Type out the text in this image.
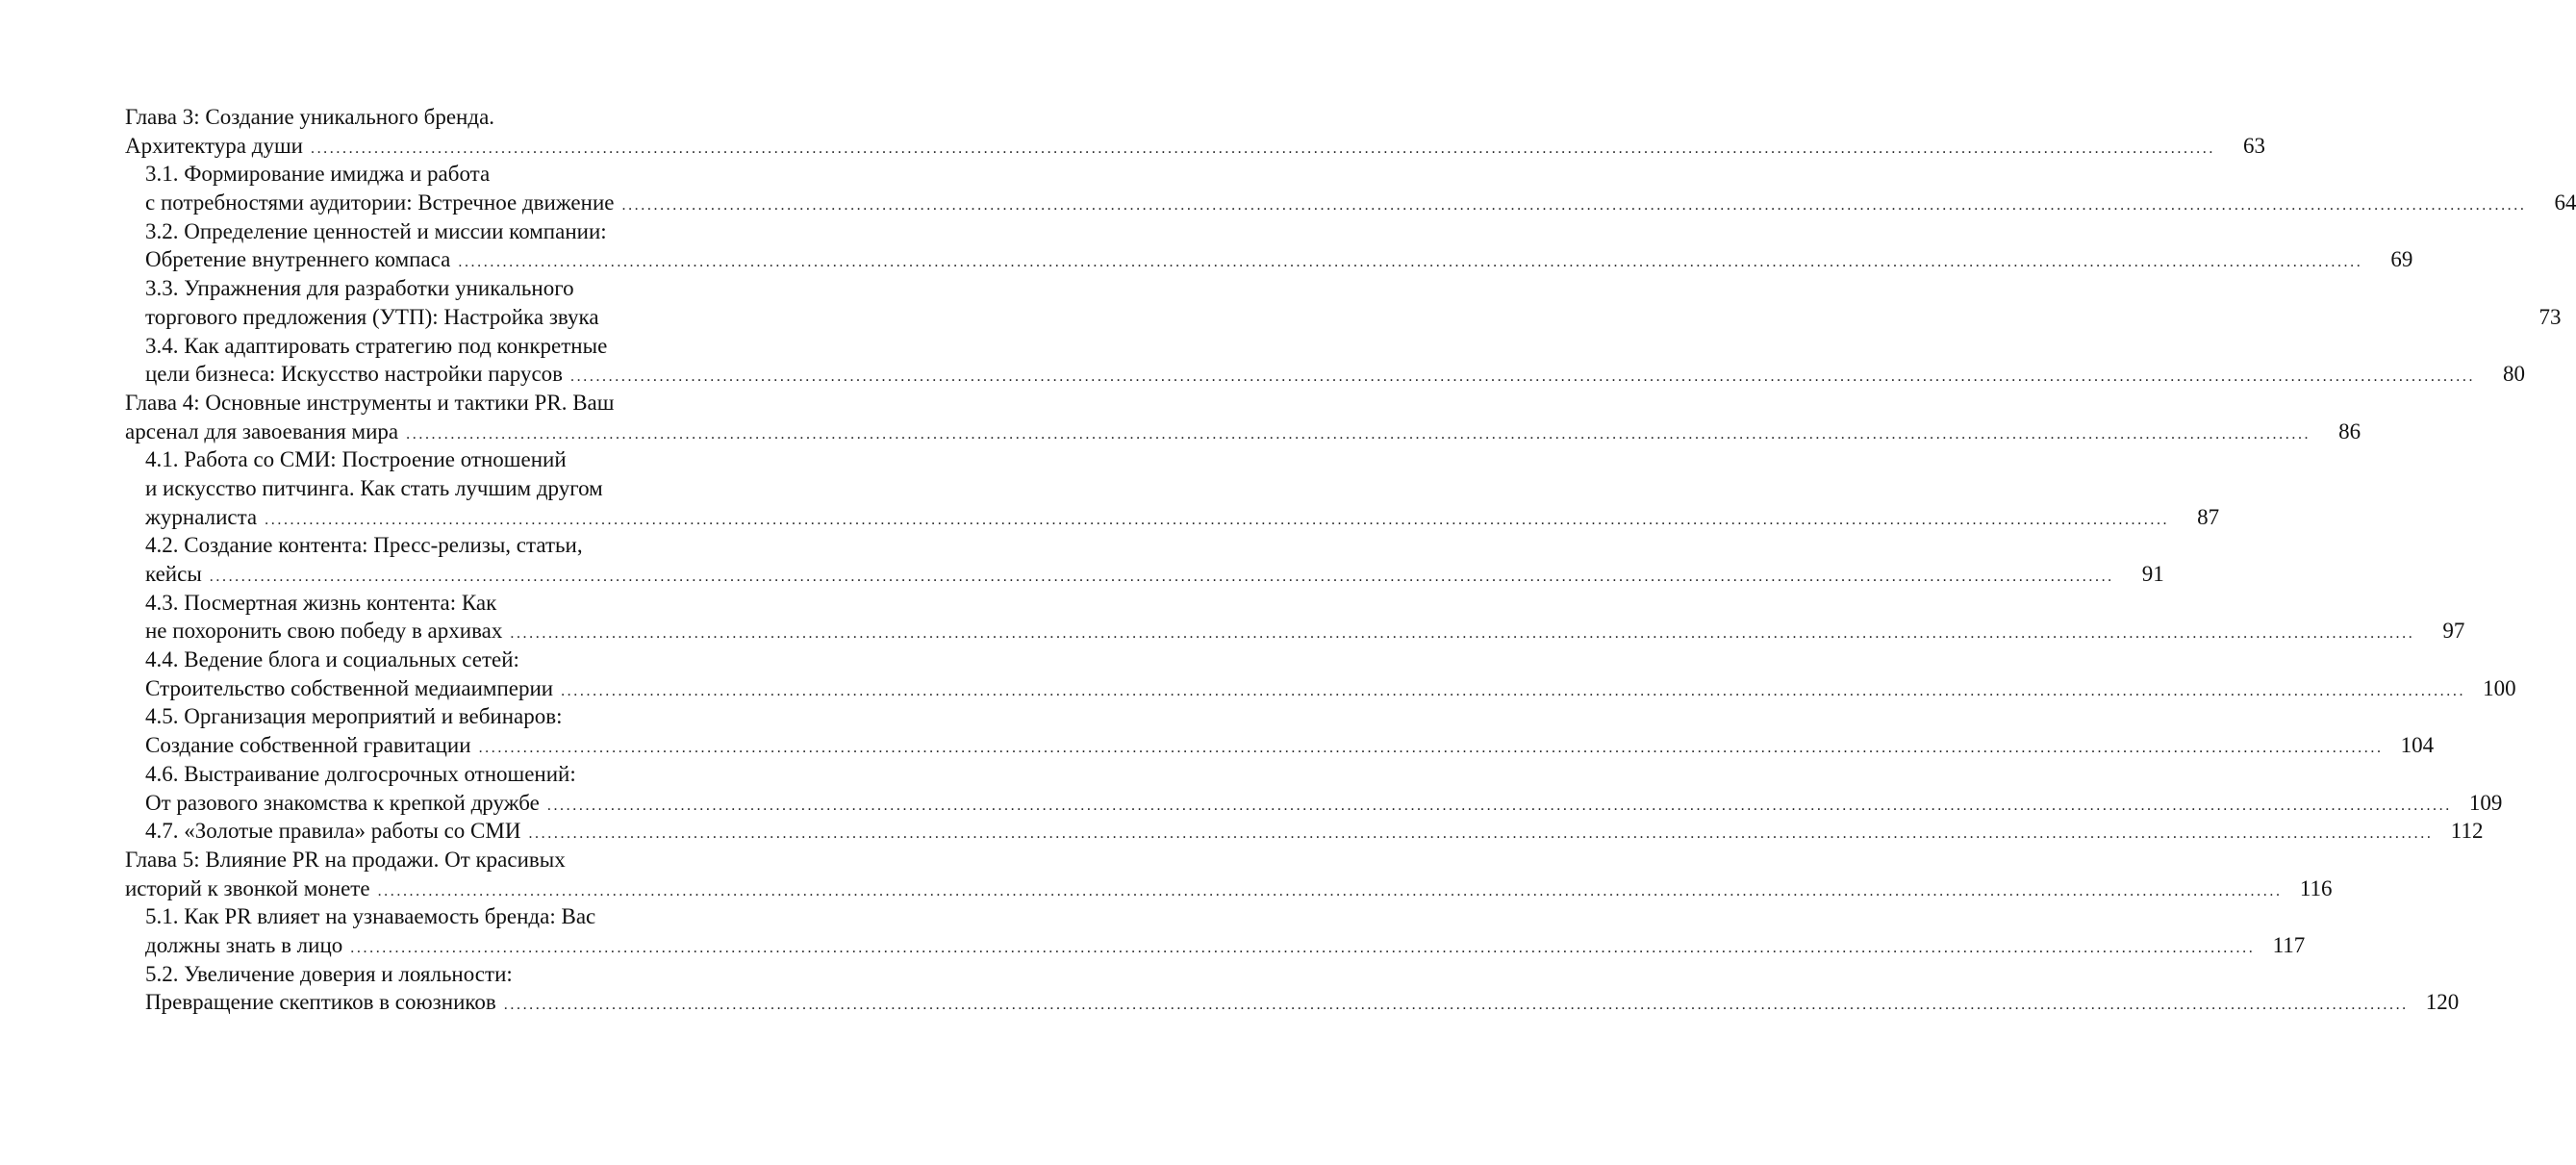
Глава 3: Создание уникального бренда.
Архитектура души ............................................................................................................................................................................................................................................................................................................	63
3.1. Формирование имиджа и работа
с потребностями аудитории: Встречное движение ............................................................................................................................................................................................................................................................................................................	64
3.2. Определение ценностей и миссии компании:
Обретение внутреннего компаса ............................................................................................................................................................................................................................................................................................................	69
3.3. Упражнения для разработки уникального
торгового предложения (УТП): Настройка звука	73
3.4. Как адаптировать стратегию под конкретные
цели бизнеса: Искусство настройки парусов ............................................................................................................................................................................................................................................................................................................	80
Глава 4: Основные инструменты и тактики PR. Ваш
арсенал для завоевания мира ............................................................................................................................................................................................................................................................................................................	86
4.1. Работа со СМИ: Построение отношений
и искусство питчинга. Как стать лучшим другом
журналиста ............................................................................................................................................................................................................................................................................................................	87
4.2. Создание контента: Пресс-релизы, статьи,
кейсы ............................................................................................................................................................................................................................................................................................................	91
4.3. Посмертная жизнь контента: Как
не похоронить свою победу в архивах ............................................................................................................................................................................................................................................................................................................	97
4.4. Ведение блога и социальных сетей:
Строительство собственной медиаимперии ............................................................................................................................................................................................................................................................................................................ 100
4.5. Организация мероприятий и вебинаров:
Создание собственной гравитации ............................................................................................................................................................................................................................................................................................................ 104
4.6. Выстраивание долгосрочных отношений:
От разового знакомства к крепкой дружбе ............................................................................................................................................................................................................................................................................................................ 109
4.7. «Золотые правила» работы со СМИ ............................................................................................................................................................................................................................................................................................................ 112
Глава 5: Влияние PR на продажи. От красивых
историй к звонкой монете ............................................................................................................................................................................................................................................................................................................ 116
5.1. Как PR влияет на узнаваемость бренда: Вас
должны знать в лицо ............................................................................................................................................................................................................................................................................................................ 117
5.2. Увеличение доверия и лояльности:
Превращение скептиков в союзников ............................................................................................................................................................................................................................................................................................................ 120
